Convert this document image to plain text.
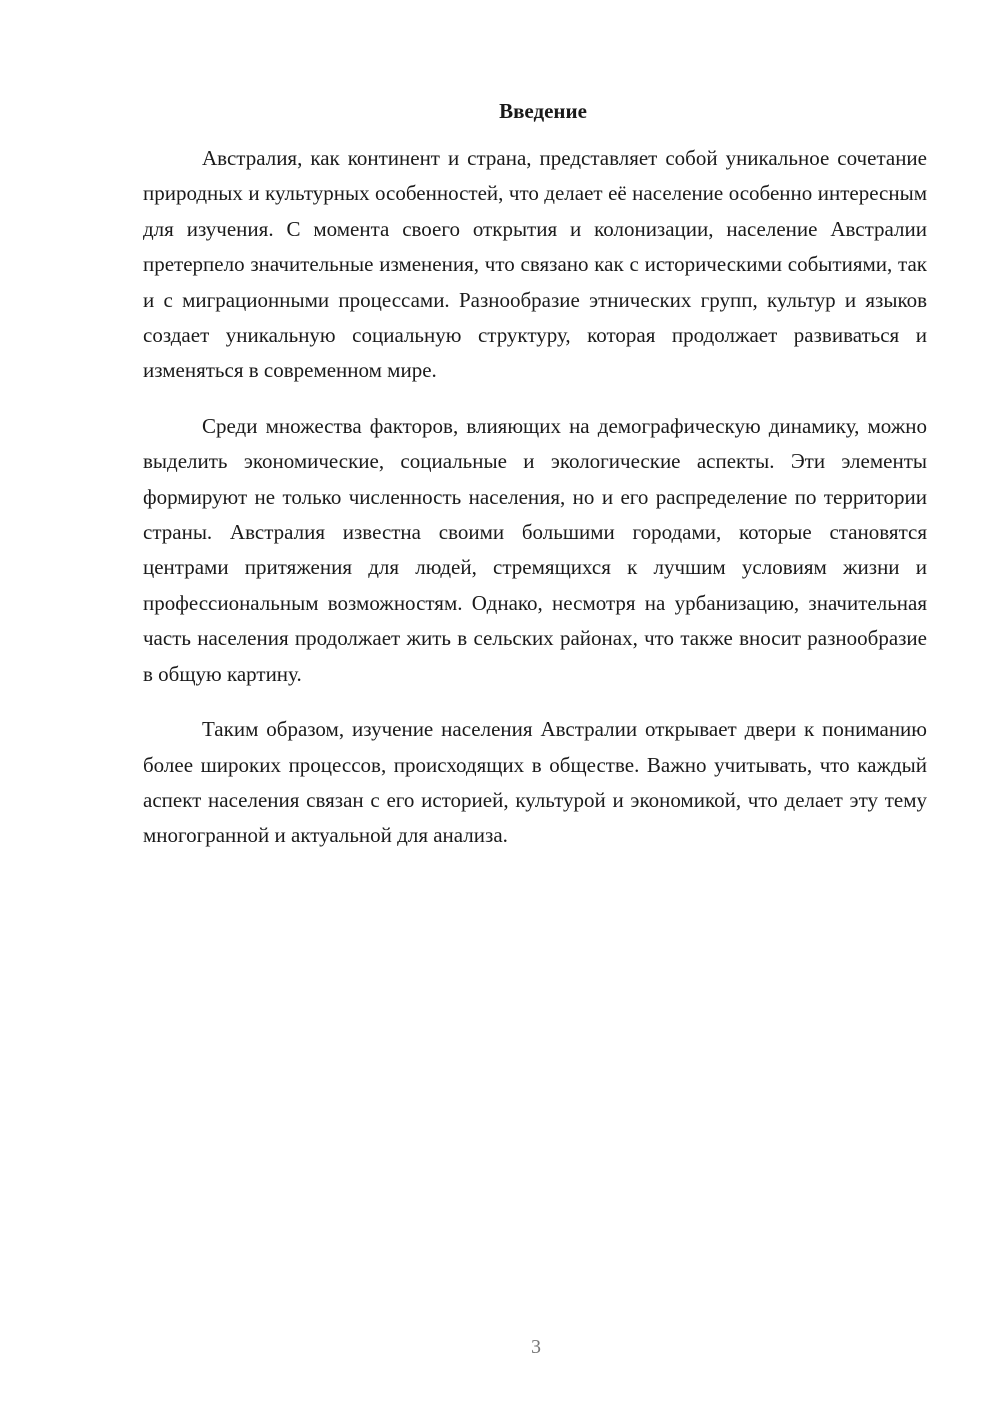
Введение

Австралия, как континент и страна, представляет собой уникальное сочетание природных и культурных особенностей, что делает её население особенно интересным для изучения. С момента своего открытия и колонизации, население Австралии претерпело значительные изменения, что связано как с историческими событиями, так и с миграционными процессами. Разнообразие этнических групп, культур и языков создает уникальную социальную структуру, которая продолжает развиваться и изменяться в современном мире.

Среди множества факторов, влияющих на демографическую динамику, можно выделить экономические, социальные и экологические аспекты. Эти элементы формируют не только численность населения, но и его распределение по территории страны. Австралия известна своими большими городами, которые становятся центрами притяжения для людей, стремящихся к лучшим условиям жизни и профессиональным возможностям. Однако, несмотря на урбанизацию, значительная часть населения продолжает жить в сельских районах, что также вносит разнообразие в общую картину.

Таким образом, изучение населения Австралии открывает двери к пониманию более широких процессов, происходящих в обществе. Важно учитывать, что каждый аспект населения связан с его историей, культурой и экономикой, что делает эту тему многогранной и актуальной для анализа.

3
